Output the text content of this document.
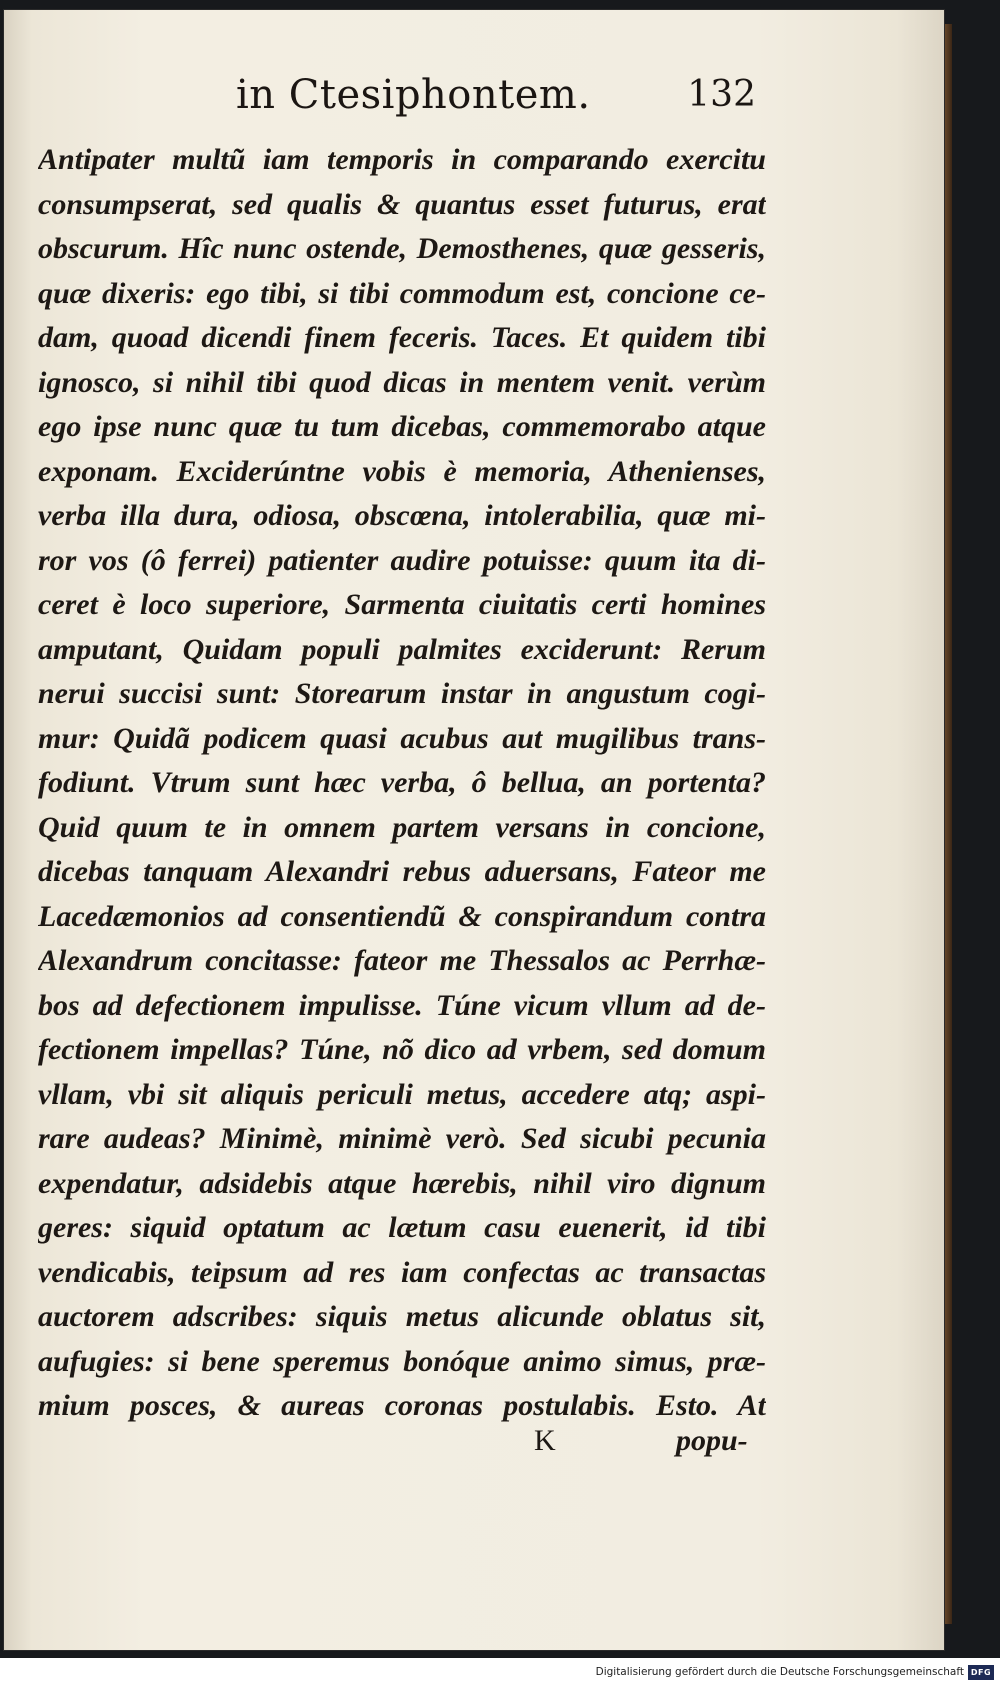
in Ctesiphontem.	132
Antipater multũ iam temporis in comparando exercitu
consumpserat, sed qualis & quantus esset futurus, erat
obscurum. Hîc nunc ostende, Demosthenes, quæ gesseris,
quæ dixeris: ego tibi, si tibi commodum est, concione ce-
dam, quoad dicendi finem feceris. Taces. Et quidem tibi
ignosco, si nihil tibi quod dicas in mentem venit. verùm
ego ipse nunc quæ tu tum dicebas, commemorabo atque
exponam. Exciderúntne vobis è memoria, Athenienses,
verba illa dura, odiosa, obscœna, intolerabilia, quæ mi-
ror vos (ô ferrei) patienter audire potuisse: quum ita di-
ceret è loco superiore, Sarmenta ciuitatis certi homines
amputant, Quidam populi palmites exciderunt: Rerum
nerui succisi sunt: Storearum instar in angustum cogi-
mur: Quidã podicem quasi acubus aut mugilibus trans-
fodiunt. Vtrum sunt hæc verba, ô bellua, an portenta?
Quid quum te in omnem partem versans in concione,
dicebas tanquam Alexandri rebus aduersans, Fateor me
Lacedæmonios ad consentiendũ & conspirandum contra
Alexandrum concitasse: fateor me Thessalos ac Perrhæ-
bos ad defectionem impulisse. Túne vicum vllum ad de-
fectionem impellas? Túne, nõ dico ad vrbem, sed domum
vllam, vbi sit aliquis periculi metus, accedere atq; aspi-
rare audeas? Minimè, minimè verò. Sed sicubi pecunia
expendatur, adsidebis atque hærebis, nihil viro dignum
geres: siquid optatum ac lætum casu euenerit, id tibi
vendicabis, teipsum ad res iam confectas ac transactas
auctorem adscribes: siquis metus alicunde oblatus sit,
aufugies: si bene speremus bonóque animo simus, præ-
mium posces, & aureas coronas postulabis. Esto. At
K	popu-
Digitalisierung gefördert durch die Deutsche Forschungsgemeinschaft DFG
